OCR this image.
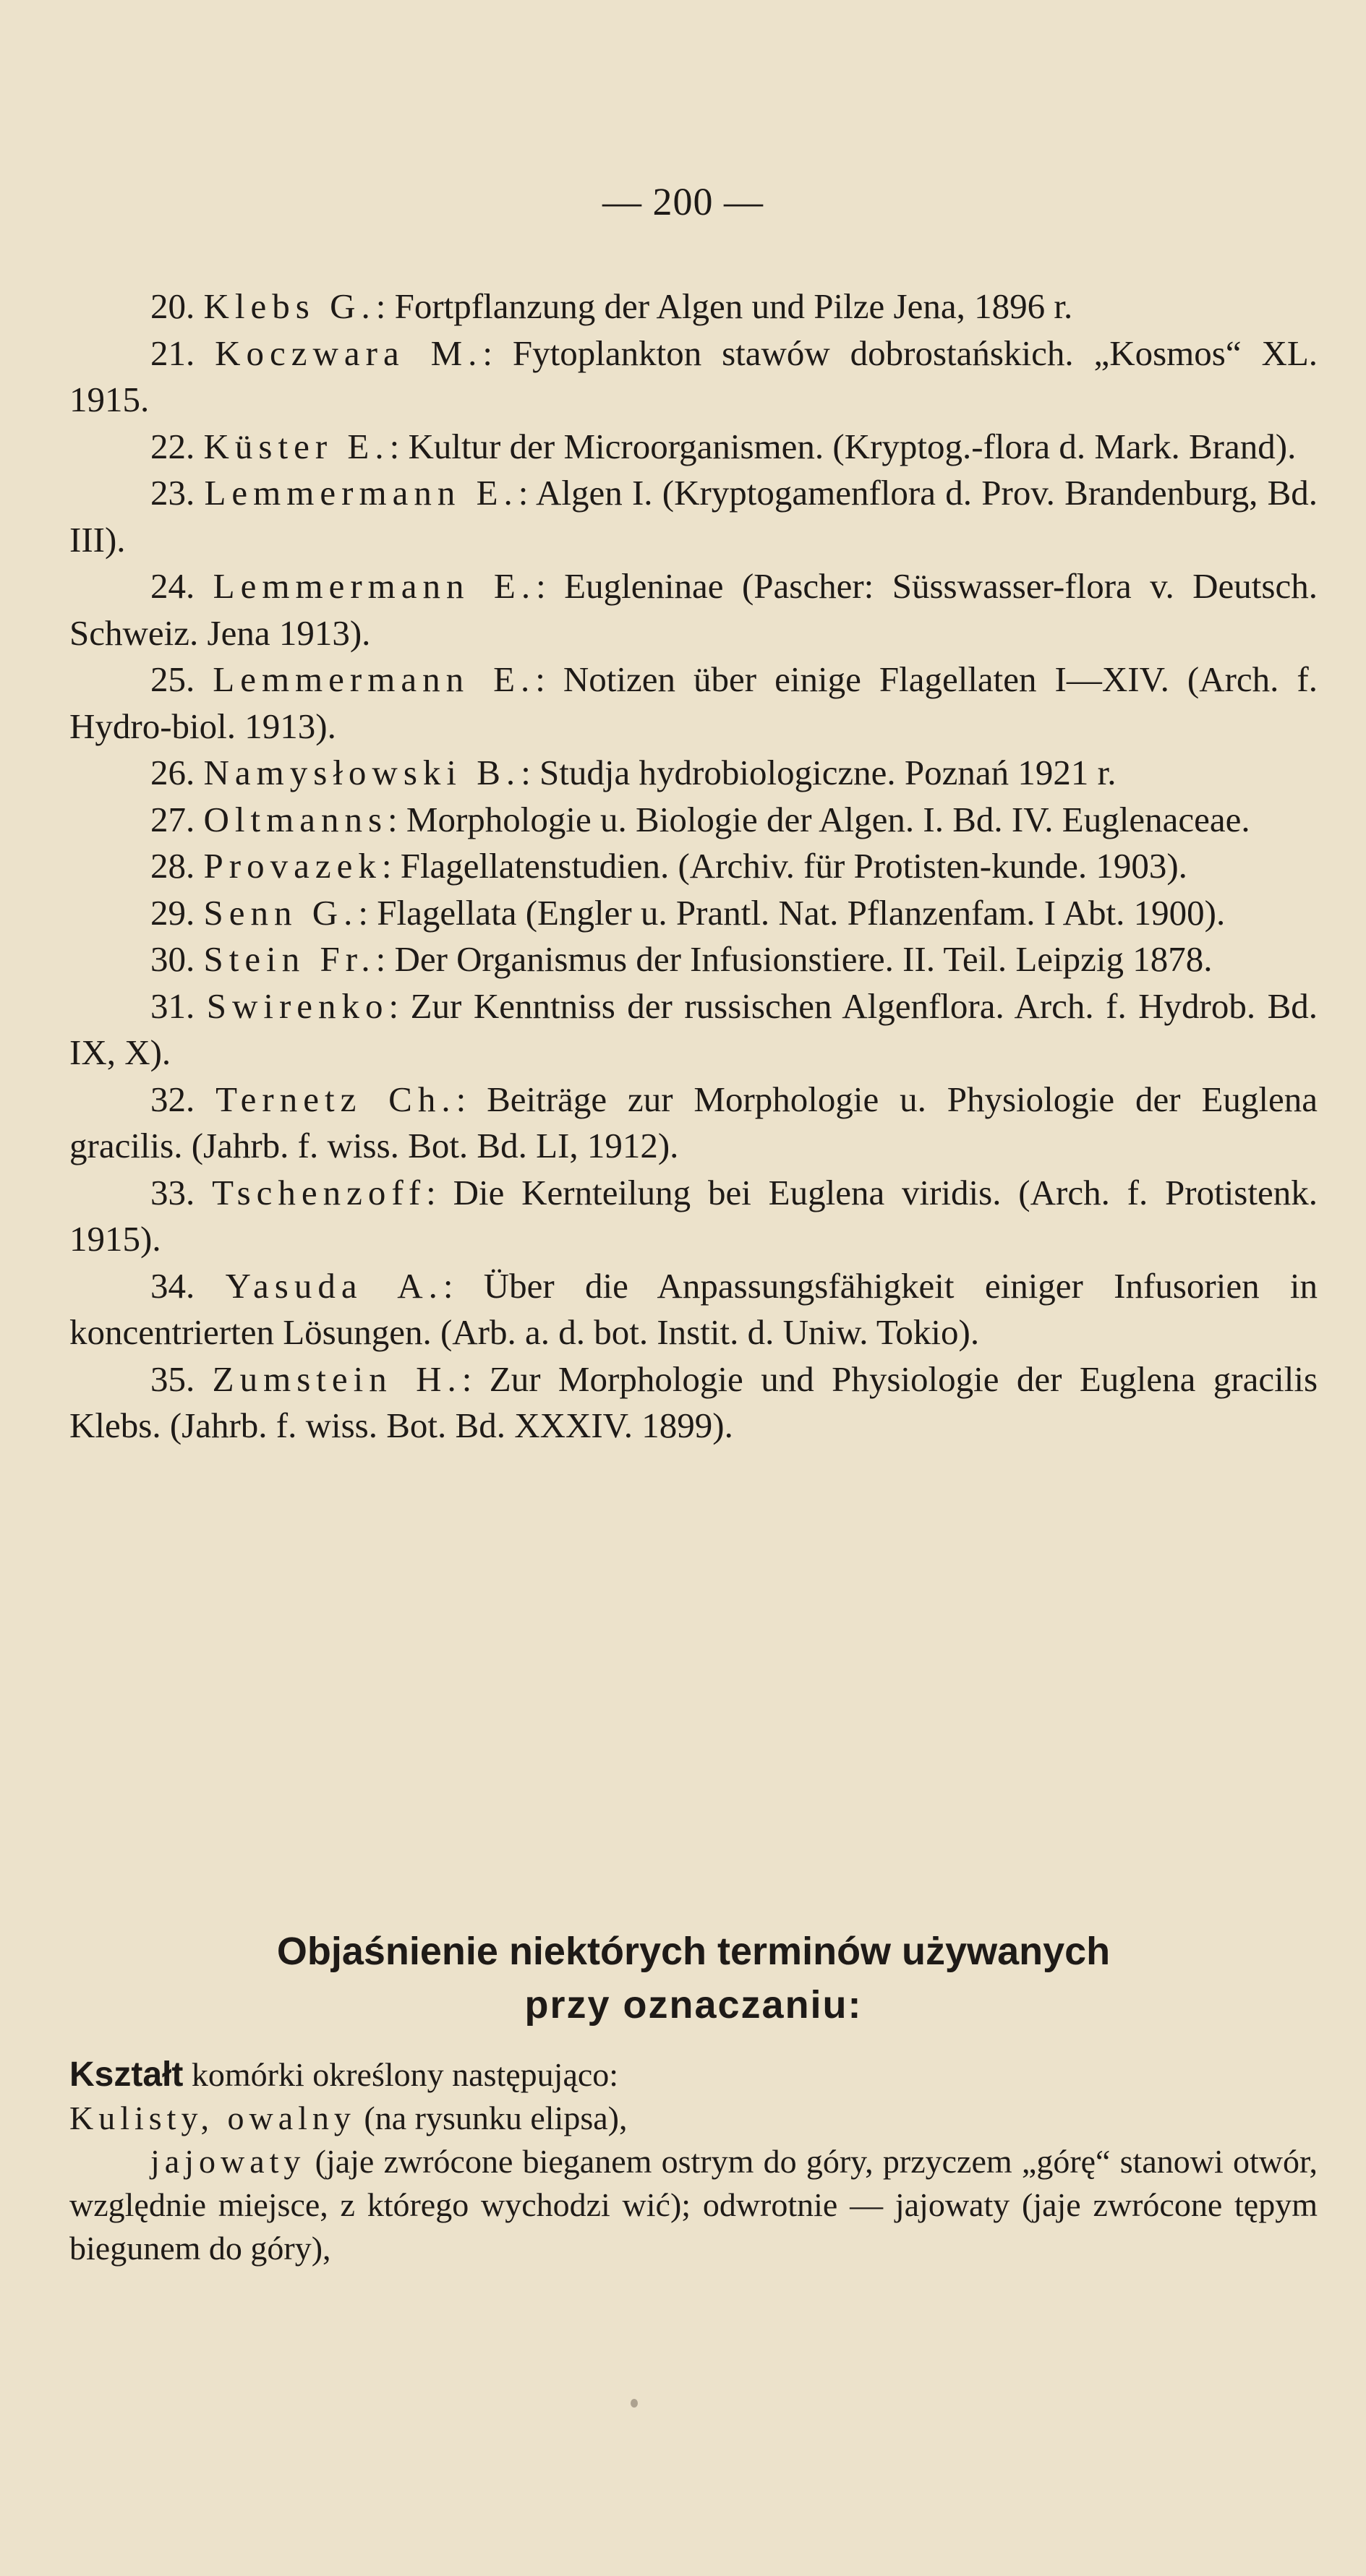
— 200 —

20. Klebs G.: Fortpflanzung der Algen und Pilze Jena, 1896 r.

21. Koczwara M.: Fytoplankton stawów dobrostańskich. „Kosmos“ XL. 1915.

22. Küster E.: Kultur der Microorganismen. (Kryptog.-flora d. Mark. Brand).

23. Lemmermann E.: Algen I. (Kryptogamenflora d. Prov. Brandenburg, Bd. III).

24. Lemmermann E.: Eugleninae (Pascher: Süsswasser-flora v. Deutsch. Schweiz. Jena 1913).

25. Lemmermann E.: Notizen über einige Flagellaten I—XIV. (Arch. f. Hydro-biol. 1913).

26. Namysłowski B.: Studja hydrobiologiczne. Poznań 1921 r.

27. Oltmanns: Morphologie u. Biologie der Algen. I. Bd. IV. Euglenaceae.

28. Provazek: Flagellatenstudien. (Archiv. für Protisten-kunde. 1903).

29. Senn G.: Flagellata (Engler u. Prantl. Nat. Pflanzenfam. I Abt. 1900).

30. Stein Fr.: Der Organismus der Infusionstiere. II. Teil. Leipzig 1878.

31. Swirenko: Zur Kenntniss der russischen Algenflora. Arch. f. Hydrob. Bd. IX, X).

32. Ternetz Ch.: Beiträge zur Morphologie u. Physiologie der Euglena gracilis. (Jahrb. f. wiss. Bot. Bd. LI, 1912).

33. Tschenzoff: Die Kernteilung bei Euglena viridis. (Arch. f. Protistenk. 1915).

34. Yasuda A.: Über die Anpassungsfähigkeit einiger Infusorien in koncentrierten Lösungen. (Arb. a. d. bot. Instit. d. Uniw. Tokio).

35. Zumstein H.: Zur Morphologie und Physiologie der Euglena gracilis Klebs. (Jahrb. f. wiss. Bot. Bd. XXXIV. 1899).

Objaśnienie niektórych terminów używanych
przy oznaczaniu:

Kształt komórki określony następująco:

Kulisty, owalny (na rysunku elipsa),

jajowaty (jaje zwrócone bieganem ostrym do góry, przyczem „górę“ stanowi otwór, względnie miejsce, z którego wychodzi wić); odwrotnie — jajowaty (jaje zwrócone tępym biegunem do góry),
